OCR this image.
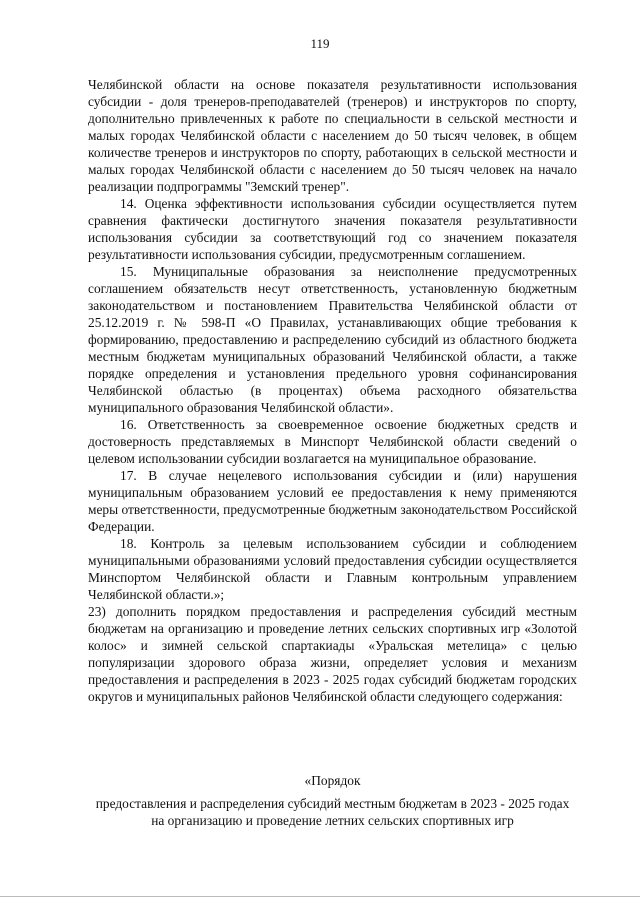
119

Челябинской области на основе показателя результативности использования субсидии - доля тренеров-преподавателей (тренеров) и инструкторов по спорту, дополнительно привлеченных к работе по специальности в сельской местности и малых городах Челябинской области с населением до 50 тысяч человек, в общем количестве тренеров и инструкторов по спорту, работающих в сельской местности и малых городах Челябинской области с населением до 50 тысяч человек на начало реализации подпрограммы "Земский тренер".

14. Оценка эффективности использования субсидии осуществляется путем сравнения фактически достигнутого значения показателя результативности использования субсидии за соответствующий год со значением показателя результативности использования субсидии, предусмотренным соглашением.

15. Муниципальные образования за неисполнение предусмотренных соглашением обязательств несут ответственность, установленную бюджетным законодательством и постановлением Правительства Челябинской области от 25.12.2019 г. № 598-П «О Правилах, устанавливающих общие требования к формированию, предоставлению и распределению субсидий из областного бюджета местным бюджетам муниципальных образований Челябинской области, а также порядке определения и установления предельного уровня софинансирования Челябинской областью (в процентах) объема расходного обязательства муниципального образования Челябинской области».

16. Ответственность за своевременное освоение бюджетных средств и достоверность представляемых в Минспорт Челябинской области сведений о целевом использовании субсидии возлагается на муниципальное образование.

17. В случае нецелевого использования субсидии и (или) нарушения муниципальным образованием условий ее предоставления к нему применяются меры ответственности, предусмотренные бюджетным законодательством Российской Федерации.

18. Контроль за целевым использованием субсидии и соблюдением муниципальными образованиями условий предоставления субсидии осуществляется Минспортом Челябинской области и Главным контрольным управлением Челябинской области.»;

23) дополнить порядком предоставления и распределения субсидий местным бюджетам на организацию и проведение летних сельских спортивных игр «Золотой колос» и зимней сельской спартакиады «Уральская метелица» с целью популяризации здорового образа жизни, определяет условия и механизм предоставления и распределения в 2023 - 2025 годах субсидий бюджетам городских округов и муниципальных районов Челябинской области следующего содержания:

«Порядок
предоставления и распределения субсидий местным бюджетам в 2023 - 2025 годах на организацию и проведение летних сельских спортивных игр
